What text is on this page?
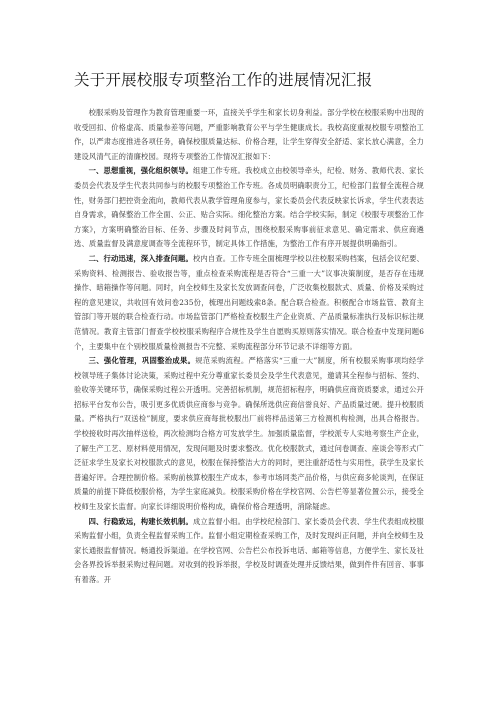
关于开展校服专项整治工作的进展情况汇报

校服采购及管理作为教育管理重要一环，直接关乎学生和家长切身利益。部分学校在校服采购中出现的收受回扣、价格虚高、质量参差等问题，严重影响教育公平与学生健康成长。我校高度重视校服专项整治工作，以严肃态度推进各项任务，确保校服质量达标、价格合理，让学生穿得安全舒适、家长放心满意，全力建设风清气正的清廉校园。现将专项整治工作情况汇报如下：

一、思想重视，强化组织领导。组建工作专班。我校成立由校领导牵头，纪检、财务、教师代表、家长委员会代表及学生代表共同参与的校服专项整治工作专班。各成员明确职责分工，纪检部门监督全流程合规性，财务部门把控资金流向，教师代表从教学管理角度参与，家长委员会代表反映家长诉求，学生代表表达自身需求，确保整治工作全面、公正、贴合实际。细化整治方案。结合学校实际，制定《校服专项整治工作方案》，方案明确整治目标、任务、步骤及时间节点，围绕校服采购事前征求意见、确定需求、供应商遴选、质量监督及满意度调查等全流程环节，制定具体工作措施，为整治工作有序开展提供明确指引。

二、行动迅速，深入排查问题。校内自查。工作专班全面梳理学校以往校服采购档案，包括会议纪要、采购资料、检测报告、验收报告等，重点检查采购流程是否符合“三重一大”议事决策制度，是否存在违规操作、暗箱操作等问题。同时，向全校师生及家长发放调查问卷，广泛收集校服款式、质量、价格及采购过程的意见建议，共收回有效问卷235份，梳理出问题线索8条。配合联合检查。积极配合市场监管、教育主管部门等开展的联合检查行动。市场监管部门严格检查校服生产企业资质、产品质量标准执行及标识标注规范情况。教育主管部门督查学校校服采购程序合规性及学生自愿购买原则落实情况。联合检查中发现问题6个，主要集中在个别校服质量检测报告不完整、采购流程部分环节记录不详细等方面。

三、强化管理，巩固整治成果。规范采购流程。严格落实“三重一大”制度，所有校服采购事项均经学校领导班子集体讨论决策，采购过程中充分尊重家长委员会及学生代表意见，邀请其全程参与招标、签约、验收等关键环节，确保采购过程公开透明。完善招标机制，规范招标程序，明确供应商资质要求，通过公开招标平台发布公告，吸引更多优质供应商参与竞争。确保所选供应商信誉良好、产品质量过硬。提升校服质量。严格执行“双送检”制度，要求供应商每批校服出厂前将样品送第三方检测机构检测，出具合格报告。学校接收时再次抽样送检，两次检测均合格方可发放学生。加强质量监督，学校派专人实地考察生产企业，了解生产工艺、原材料使用情况，发现问题及时要求整改。优化校服款式，通过问卷调查、座谈会等形式广泛征求学生及家长对校服款式的意见，校服在保持整洁大方的同时，更注重舒适性与实用性，获学生及家长普遍好评。合理控制价格。采购前核算校服生产成本，参考市场同类产品价格，与供应商多轮谈判，在保证质量的前提下降低校服价格，为学生家庭减负。校服采购价格在学校官网、公告栏等显著位置公示，接受全校师生及家长监督。向家长详细说明价格构成，确保价格合理透明，消除疑虑。

四、行稳致远，构建长效机制。成立监督小组。由学校纪检部门、家长委员会代表、学生代表组成校服采购监督小组，负责全程监督采购工作。监督小组定期检查采购工作，及时发现纠正问题，并向全校师生及家长通报监督情况。畅通投诉渠道。在学校官网、公告栏公布投诉电话、邮箱等信息，方便学生、家长及社会各界投诉举报采购过程问题。对收到的投诉举报，学校及时调查处理并反馈结果，做到件件有回音、事事有着落。开
